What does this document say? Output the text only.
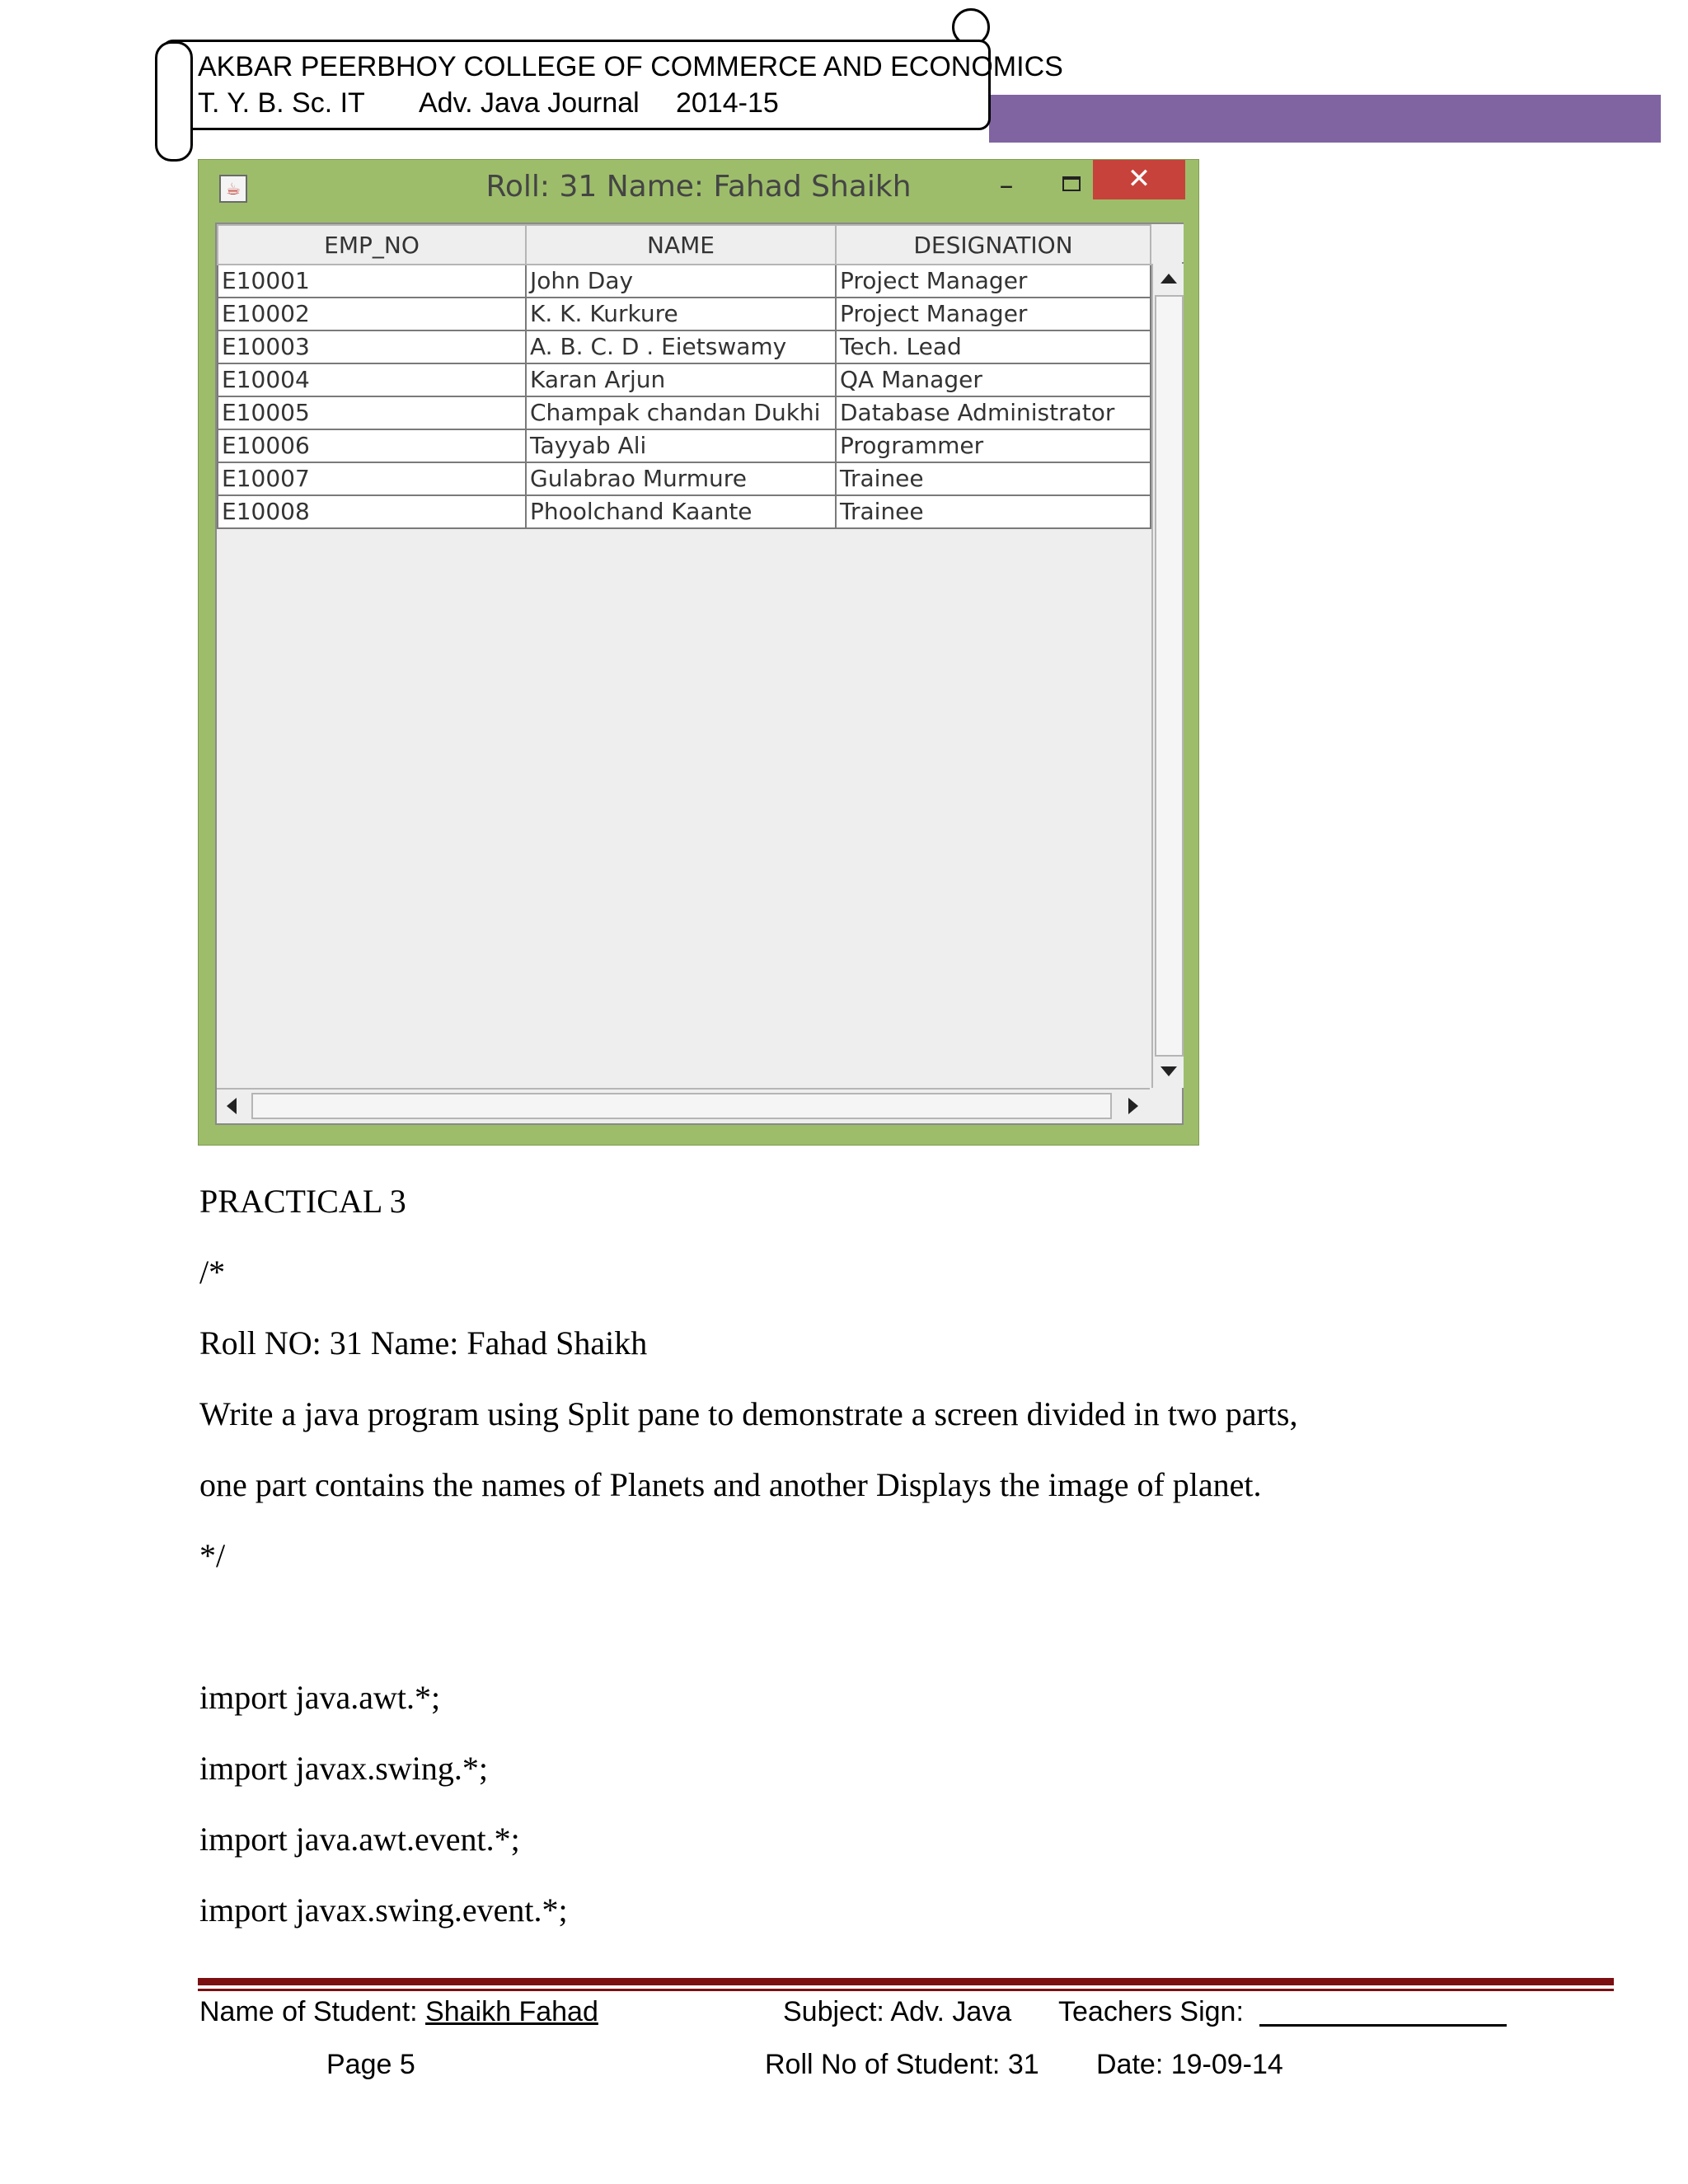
AKBAR PEERBHOY COLLEGE OF COMMERCE AND ECONOMICS
T. Y. B. Sc. IT Adv. Java Journal 2014-15
☕	Roll: 31 Name: Fahad Shaikh	–	✕
EMP_NO	NAME	DESIGNATION
E10001	John Day	Project Manager
E10002	K. K. Kurkure	Project Manager
E10003	A. B. C. D . Eietswamy	Tech. Lead
E10004	Karan Arjun	QA Manager
E10005	Champak chandan Dukhi	Database Administrator
E10006	Tayyab Ali	Programmer
E10007	Gulabrao Murmure	Trainee
E10008	Phoolchand Kaante	Trainee
PRACTICAL 3
/*
Roll NO: 31 Name: Fahad Shaikh
Write a java program using Split pane to demonstrate a screen divided in two parts,
one part contains the names of Planets and another Displays the image of planet.
*/
import java.awt.*;
import javax.swing.*;
import java.awt.event.*;
import javax.swing.event.*;
Name of Student: Shaikh Fahad	Subject: Adv. Java Teachers Sign:
Page 5	Roll No of Student: 31 Date: 19-09-14
